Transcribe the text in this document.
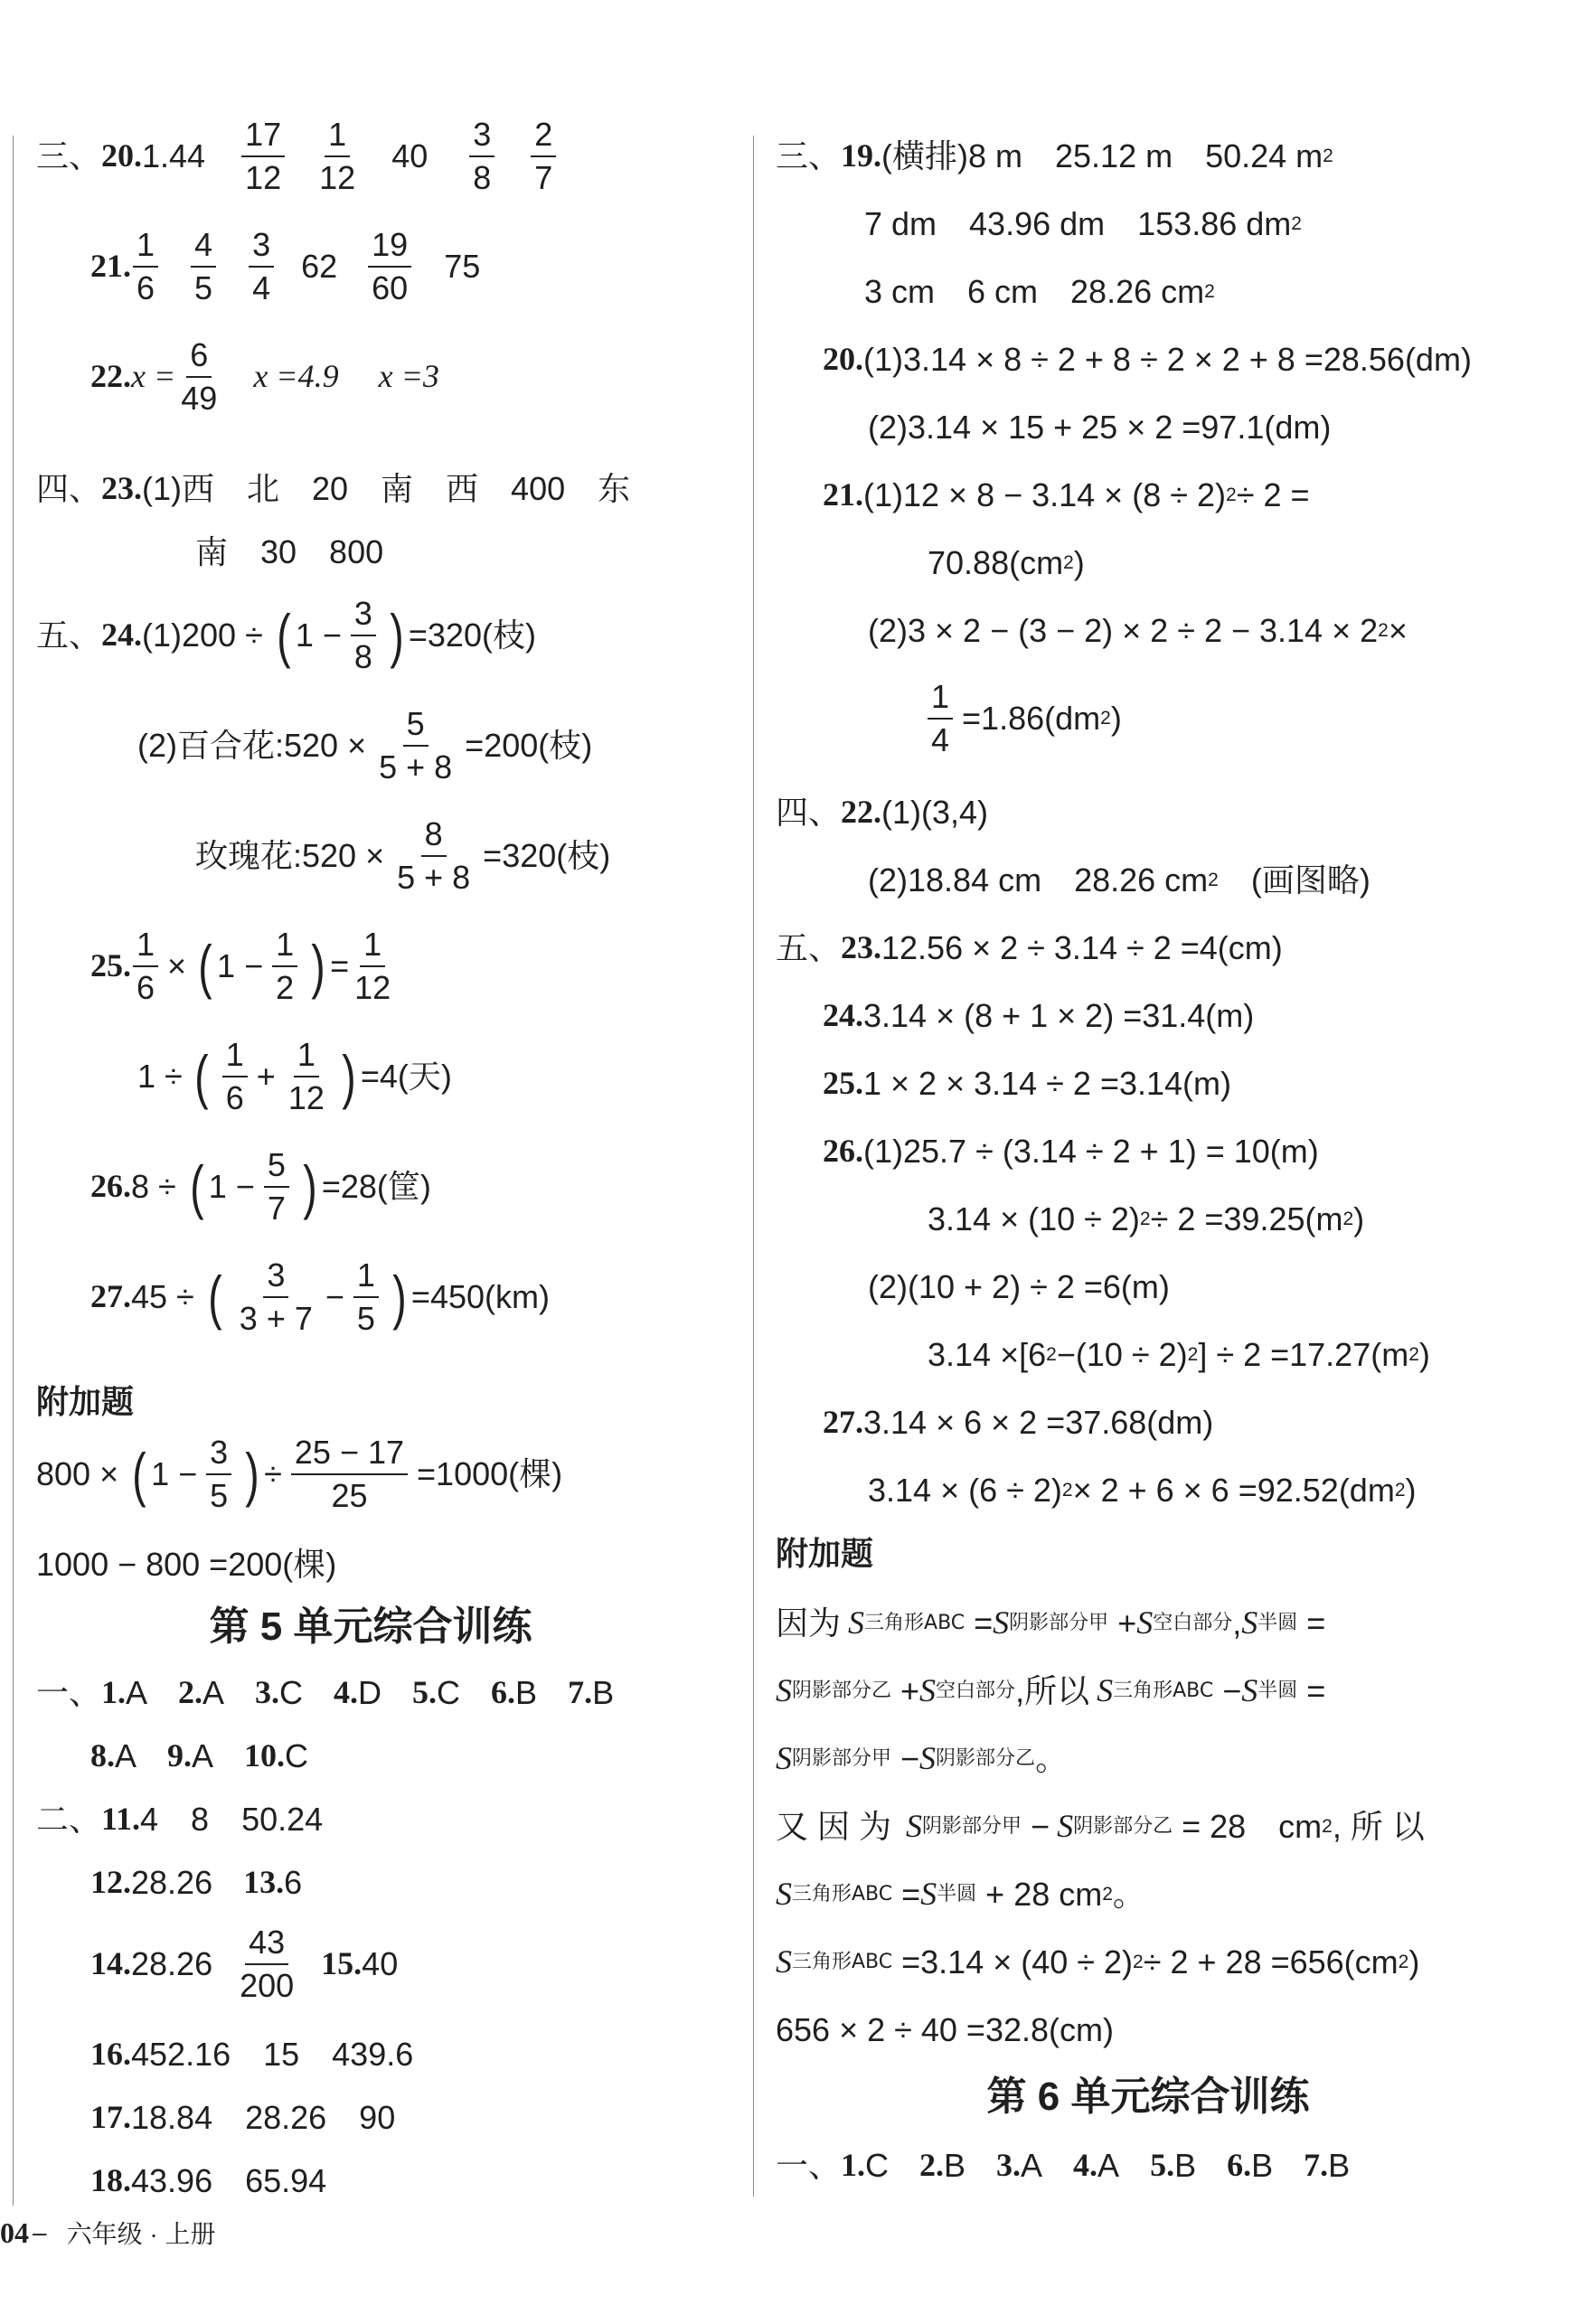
三、 20. $1.44 \frac{17}{12} \frac{1}{12} 40 \frac{3}{8} \frac{2}{7}$
21. $\frac{1}{6} \frac{4}{5} \frac{3}{4} 62 \frac{19}{60} 75$
22. $x = \frac{6}{49}$ x =4.9 x =3
四、 23. (1)西　北　20　南　西　400　东
南　30　800
五、 24. (1)200 ÷ ( $1 - \frac{3}{8}$ ) =320(枝)
(2)百合花:520 × $\frac{5}{5 + 8} =200$(枝)
玫瑰花:520 × $\frac{8}{5 + 8} =320$(枝)
25. $\frac{1}{6}$ × ( $1 - \frac{1}{2}$ ) = $\frac{1}{12}$
1 ÷ ( $\frac{1}{6} + \frac{1}{12}$ ) =4(天)
26. 8 ÷ ( $1 - \frac{5}{7}$ ) =28(筐)
27. 45 ÷ ( $\frac{3}{3 + 7} - \frac{1}{5}$ ) =450(km)
附加题
800 × ( $1 - \frac{3}{5}$ ) ÷ $\frac{25 - 17}{25} =1000$(棵)
1000 − 800 =200(棵)
第 5 单元综合训练
一、 1. A 2. A 3. C 4. D 5. C 6. B 7. B
8. A 9. A 10. C
二、 11. 4　8　50.24
12. 28.26 13. 6
14. $28.26 \frac{43}{200} 15$. 40
16. 452.16　15　439.6
17. 18.84　28.26　90
18. 43.96　65.94
三、 19. (横排)8 m　25.12 m　50.24 m 2
7 dm　43.96 dm　153.86 dm 2
3 cm　6 cm　28.26 cm 2
20. (1)3.14 × 8 ÷ 2 + 8 ÷ 2 × 2 + 8 =28.56(dm)
(2)3.14 × 15 + 25 × 2 =97.1(dm)
21. (1)12 × 8 − 3.14 × (8 ÷ 2) 2 ÷ 2 =
70.88(cm 2 )
(2)3 × 2 − (3 − 2) × 2 ÷ 2 − 3.14 × 2 2 ×
$\frac{1}{4} =1.86(dm$ 2 )
四、 22. (1)(3,4)
(2)18.84 cm　28.26 cm 2 　(画图略)
五、 23. 12.56 × 2 ÷ 3.14 ÷ 2 =4(cm)
24. 3.14 × (8 + 1 × 2) =31.4(m)
25. 1 × 2 × 3.14 ÷ 2 =3.14(m)
26. (1)25.7 ÷ (3.14 ÷ 2 + 1) = 10(m)
3.14 × (10 ÷ 2) 2 ÷ 2 =39.25(m 2 )
(2)(10 + 2) ÷ 2 =6(m)
3.14 ×[6 2 −(10 ÷ 2) 2 ] ÷ 2 =17.27(m 2 )
27. 3.14 × 6 × 2 =37.68(dm)
3.14 × (6 ÷ 2) 2 × 2 + 6 × 6 =92.52(dm 2 )
附加题
因为 S 三角形ABC = S 阴影部分甲 + S 空白部分 , S 半圆 =
S 阴影部分乙 + S 空白部分 , 所以 S 三角形ABC − S 半圆 =
S 阴影部分甲 − S 阴影部分乙 。
又 因 为 S 阴影部分甲 − S 阴影部分乙 = 28　cm 2 , 所 以
S 三角形ABC = S 半圆 + 28 cm 2 。
S 三角形ABC =3.14 × (40 ÷ 2) 2 ÷ 2 + 28 =656(cm 2 )
656 × 2 ÷ 40 =32.8(cm)
第 6 单元综合训练
一、 1. C 2. B 3. A 4. A 5. B 6. B 7. B
04 – 六年级 · 上册
